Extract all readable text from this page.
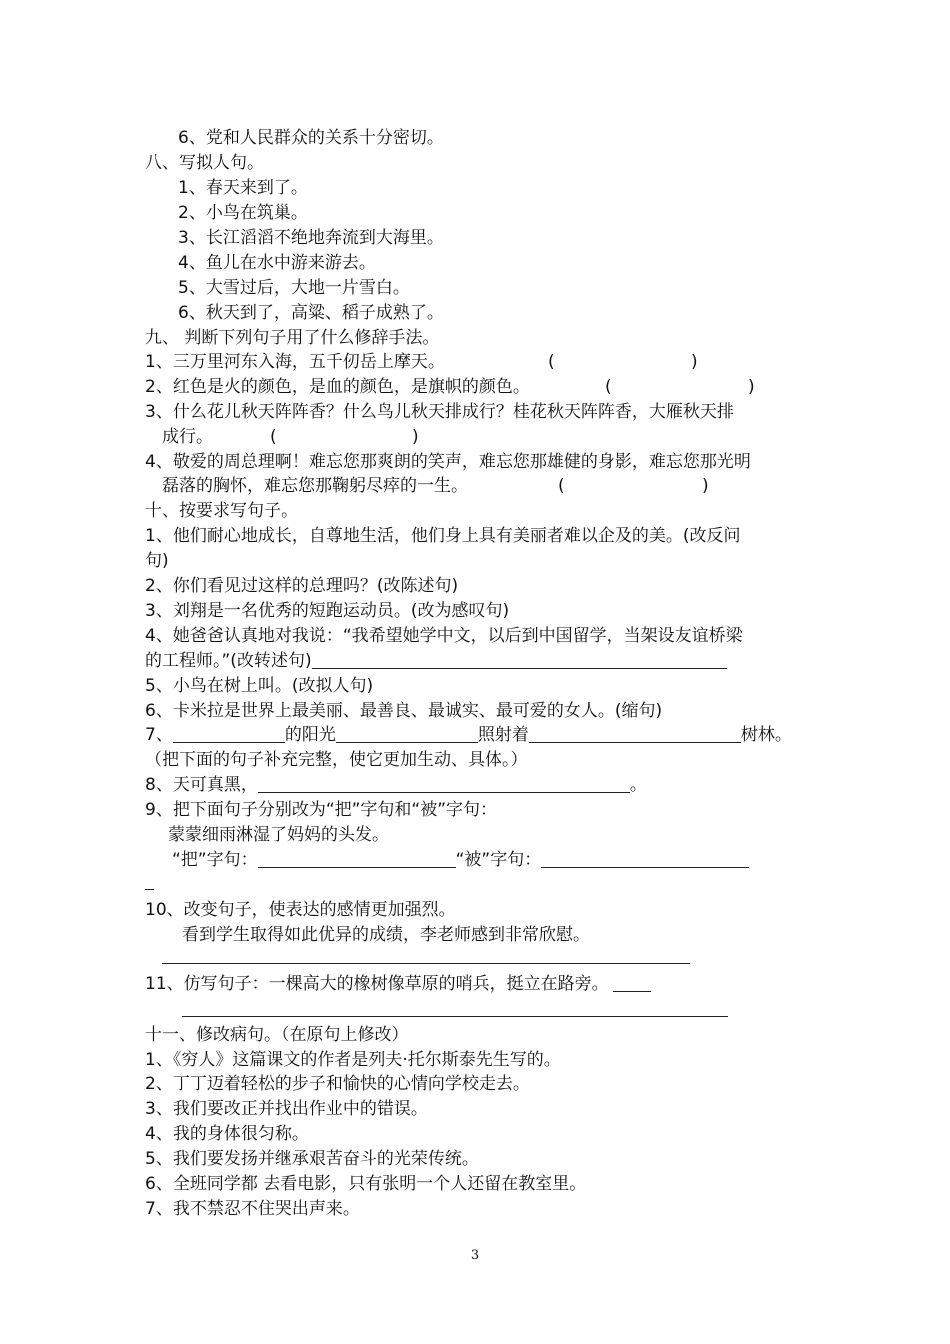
6、党和人民群众的关系十分密切。
八、写拟人句。
1、春天来到了。
2、小鸟在筑巢。
3、长江滔滔不绝地奔流到大海里。
4、鱼儿在水中游来游去。
5、大雪过后，大地一片雪白。
6、秋天到了，高粱、稻子成熟了。
九、 判断下列句子用了什么修辞手法。
1、三万里河东入海，五千仞岳上摩天。	(	)
2、红色是火的颜色，是血的颜色，是旗帜的颜色。	(	)
3、什么花儿秋天阵阵香？什么鸟儿秋天排成行？桂花秋天阵阵香，大雁秋天排
成行。	(	)
4、敬爱的周总理啊！难忘您那爽朗的笑声，难忘您那雄健的身影，难忘您那光明
磊落的胸怀，难忘您那鞠躬尽瘁的一生。	(	)
十、按要求写句子。
1、他们耐心地成长，自尊地生活，他们身上具有美丽者难以企及的美。(改反问
句)
2、你们看见过这样的总理吗？(改陈述句)
3、刘翔是一名优秀的短跑运动员。(改为感叹句)
4、她爸爸认真地对我说：“我希望她学中文，以后到中国留学，当架设友谊桥梁
的工程师。”(改转述句)
5、小鸟在树上叫。(改拟人句)
6、卡米拉是世界上最美丽、最善良、最诚实、最可爱的女人。(缩句)
7、	的阳光	照射着	树林。
（把下面的句子补充完整，使它更加生动、具体。）
8、天可真黑，	。
9、把下面句子分别改为“把”字句和“被”字句：
蒙蒙细雨淋湿了妈妈的头发。
“把”字句：	“被”字句：
10、改变句子，使表达的感情更加强烈。
看到学生取得如此优异的成绩，李老师感到非常欣慰。
11、仿写句子：一棵高大的橡树像草原的哨兵，挺立在路旁。
十一、修改病句。（在原句上修改）
1、《穷人》这篇课文的作者是列夫·托尔斯泰先生写的。
2、丁丁迈着轻松的步子和愉快的心情向学校走去。
3、我们要改正并找出作业中的错误。
4、我的身体很匀称。
5、我们要发扬并继承艰苦奋斗的光荣传统。
6、全班同学都 去看电影，只有张明一个人还留在教室里。
7、我不禁忍不住哭出声来。
3
